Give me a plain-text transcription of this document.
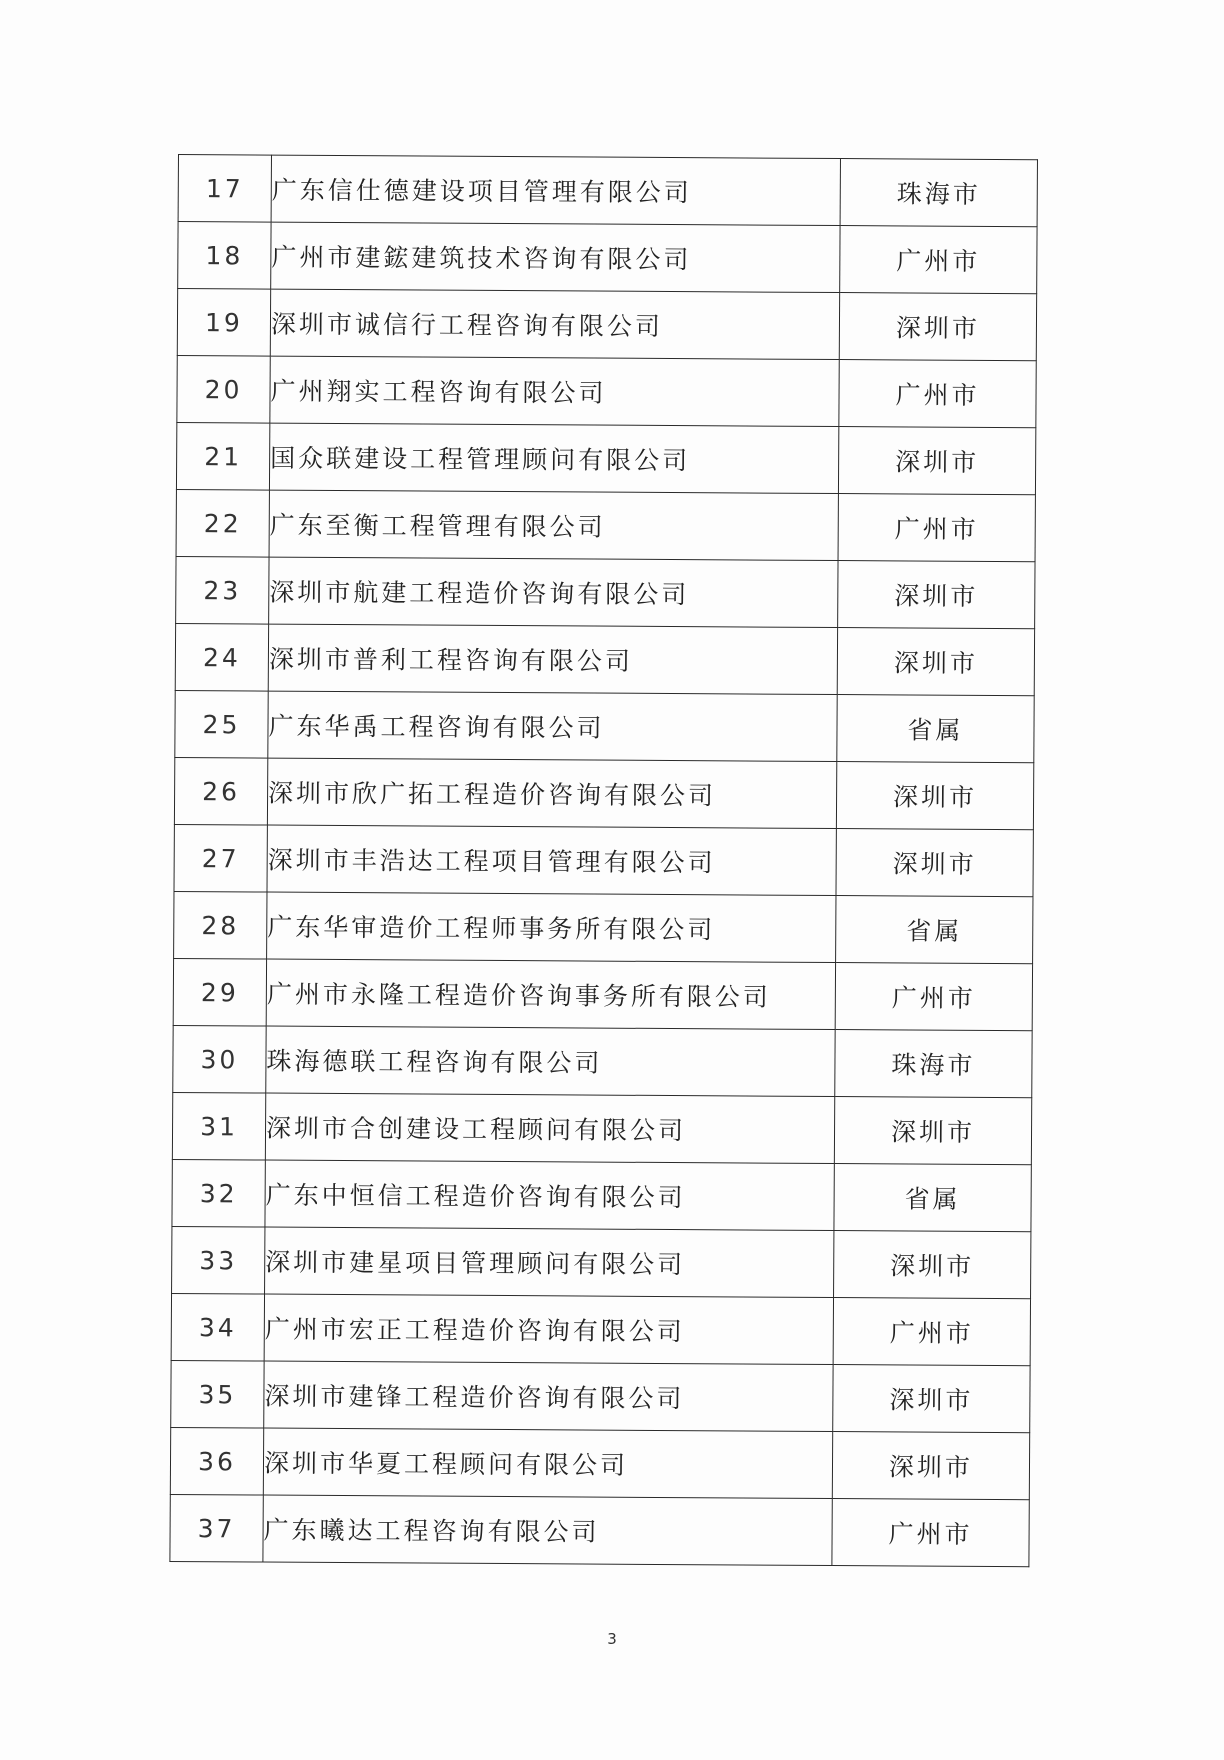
17	广东信仕德建设项目管理有限公司	珠海市
18	广州市建鋐建筑技术咨询有限公司	广州市
19	深圳市诚信行工程咨询有限公司	深圳市
20	广州翔实工程咨询有限公司	广州市
21	国众联建设工程管理顾问有限公司	深圳市
22	广东至衡工程管理有限公司	广州市
23	深圳市航建工程造价咨询有限公司	深圳市
24	深圳市普利工程咨询有限公司	深圳市
25	广东华禹工程咨询有限公司	省属
26	深圳市欣广拓工程造价咨询有限公司	深圳市
27	深圳市丰浩达工程项目管理有限公司	深圳市
28	广东华审造价工程师事务所有限公司	省属
29	广州市永隆工程造价咨询事务所有限公司	广州市
30	珠海德联工程咨询有限公司	珠海市
31	深圳市合创建设工程顾问有限公司	深圳市
32	广东中恒信工程造价咨询有限公司	省属
33	深圳市建星项目管理顾问有限公司	深圳市
34	广州市宏正工程造价咨询有限公司	广州市
35	深圳市建锋工程造价咨询有限公司	深圳市
36	深圳市华夏工程顾问有限公司	深圳市
37	广东曦达工程咨询有限公司	广州市
3
